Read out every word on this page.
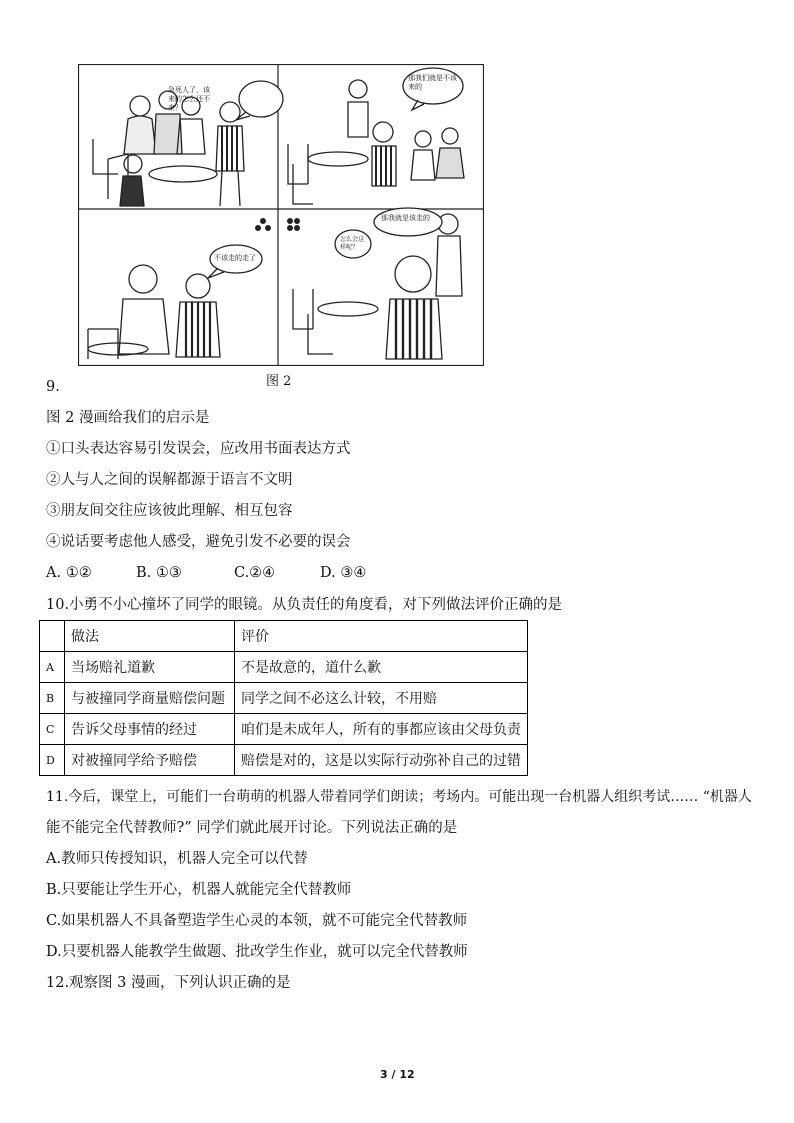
急死人了，该来的怎么还不来？
那我们就是不该来的
不该走的走了
那我就是该走的
怎么会这样呢？
图 2
9.
图 2 漫画给我们的启示是
①口头表达容易引发误会，应改用书面表达方式
②人与人之间的误解都源于语言不文明
③朋友间交往应该彼此理解、相互包容
④说话要考虑他人感受，避免引发不必要的误会
A. ①②	B. ①③	C.②④	D. ③④
10.小勇不小心撞坏了同学的眼镜。从负责任的角度看，对下列做法评价正确的是
	做法	评价
A	当场赔礼道歉	不是故意的，道什么歉
B	与被撞同学商量赔偿问题	同学之间不必这么计较，不用赔
C	告诉父母事情的经过	咱们是未成年人，所有的事都应该由父母负责
D	对被撞同学给予赔偿	赔偿是对的，这是以实际行动弥补自己的过错
11.今后，课堂上，可能们一台萌萌的机器人带着同学们朗读；考场内。可能出现一台机器人组织考试…… “机器人
能不能完全代替教师?” 同学们就此展开讨论。下列说法正确的是
A.教师只传授知识，机器人完全可以代替
B.只要能让学生开心，机器人就能完全代替教师
C.如果机器人不具备塑造学生心灵的本领，就不可能完全代替教师
D.只要机器人能教学生做题、批改学生作业，就可以完全代替教师
12.观察图 3 漫画，下列认识正确的是
3 / 12
